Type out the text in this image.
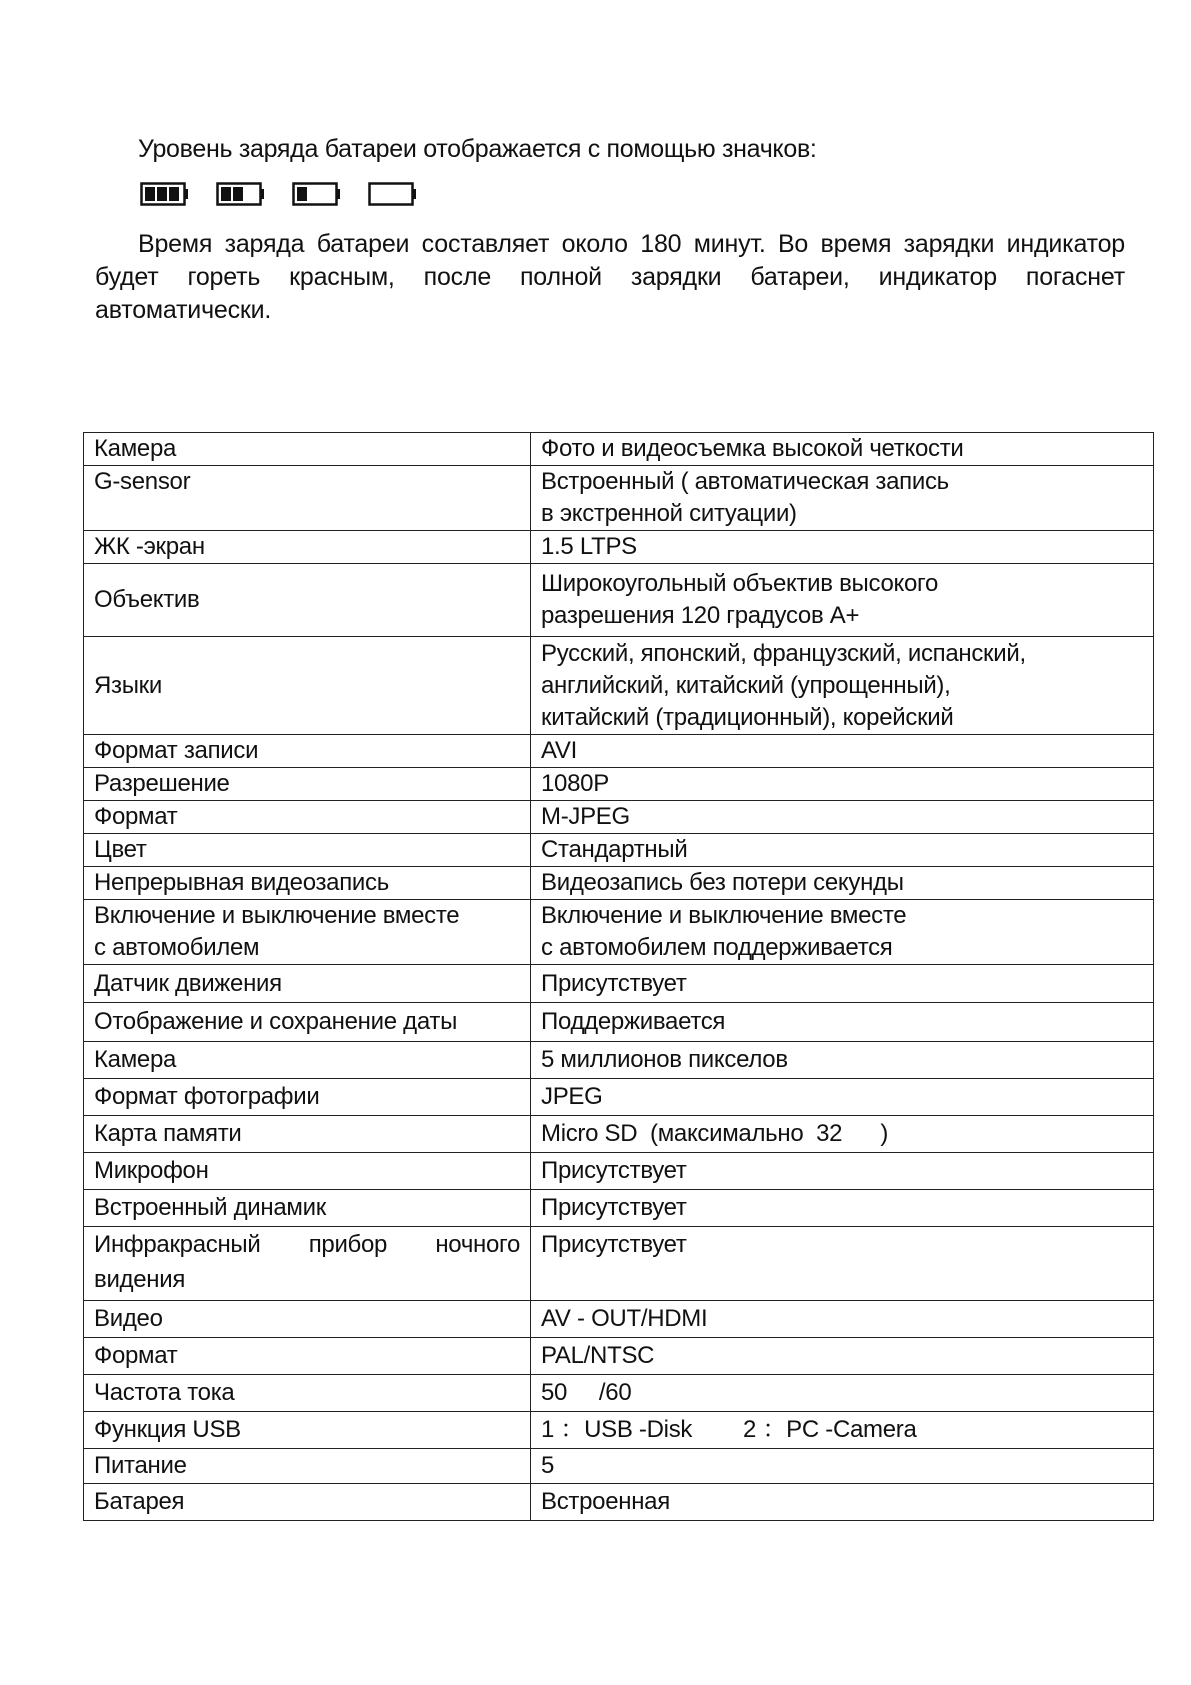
Уровень заряда батареи отображается с помощью значков:

Время заряда батареи составляет около 180 минут. Во время зарядки индикатор будет гореть красным, после полной зарядки батареи, индикатор погаснет автоматически.

Камера	Фото и видеосъемка высокой четкости
G-sensor	Встроенный ( автоматическая запись
в экстренной ситуации)
ЖК -экран	1.5 LTPS
Объектив	Широкоугольный объектив высокого
разрешения 120 градусов A+
Языки	Русский, японский, французский, испанский,
английский, китайский (упрощенный),
китайский (традиционный), корейский
Формат записи	AVI
Разрешение	1080P
Формат	M-JPEG
Цвет	Стандартный
Непрерывная видеозапись	Видеозапись без потери секунды
Включение и выключение вместе
с автомобилем	Включение и выключение вместе
с автомобилем поддерживается
Датчик движения	Присутствует
Отображение и сохранение даты	Поддерживается
Камера	5 миллионов пикселов
Формат фотографии	JPEG
Карта памяти	Micro SD  (максимально  32      )
Микрофон	Присутствует
Встроенный динамик	Присутствует
Инфракрасный прибор ночного видения	Присутствует
Видео	AV - OUT/HDMI
Формат	PAL/NTSC
Частота тока	50     /60
Функция USB	1 ：USB -Disk        2 ：PC -Camera
Питание	5
Батарея	Встроенная
